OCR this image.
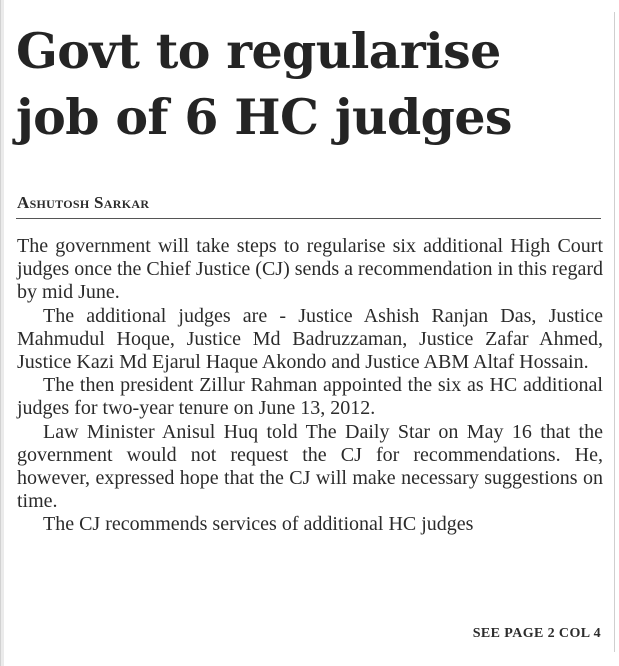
Govt to regularise
job of 6 HC judges
Ashutosh Sarkar

The government will take steps to regularise six additional High Court judges once the Chief Justice (CJ) sends a recommendation in this regard by mid June.

The additional judges are - Justice Ashish Ranjan Das, Justice Mahmudul Hoque, Justice Md Badruzzaman, Justice Zafar Ahmed, Justice Kazi Md Ejarul Haque Akondo and Justice ABM Altaf Hossain.

The then president Zillur Rahman appointed the six as HC additional judges for two-year tenure on June 13, 2012.

Law Minister Anisul Huq told The Daily Star on May 16 that the government would not request the CJ for recommendations. He, however, expressed hope that the CJ will make necessary suggestions on time.

The CJ recommends services of additional HC judges

SEE PAGE 2 COL 4
